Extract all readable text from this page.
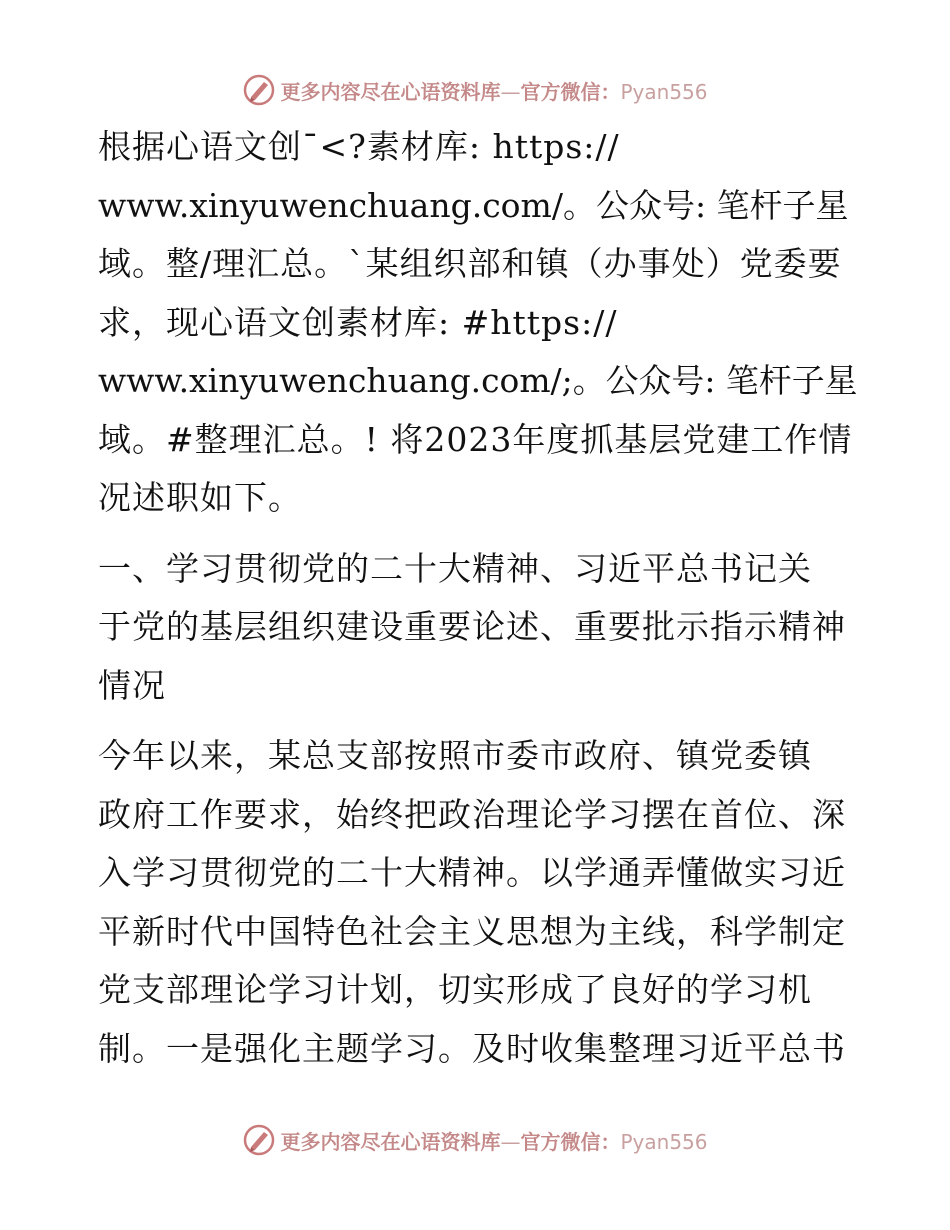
更多内容尽在心语资料库—官方微信：Pyan556

根据心语文创¯<?素材库: https://
www.xinyuwenchuang.com/。公众号: 笔杆子星
域。整/理汇总。`某组织部和镇（办事处）党委要
求，现心语文创素材库: #https://
www.xinyuwenchuang.com/;。公众号: 笔杆子星
域。#整理汇总。! 将2023年度抓基层党建工作情
况述职如下。

一、学习贯彻党的二十大精神、习近平总书记关
于党的基层组织建设重要论述、重要批示指示精神
情况

今年以来，某总支部按照市委市政府、镇党委镇
政府工作要求，始终把政治理论学习摆在首位、深
入学习贯彻党的二十大精神。以学通弄懂做实习近
平新时代中国特色社会主义思想为主线，科学制定
党支部理论学习计划，切实形成了良好的学习机
制。一是强化主题学习。及时收集整理习近平总书

更多内容尽在心语资料库—官方微信：Pyan556
